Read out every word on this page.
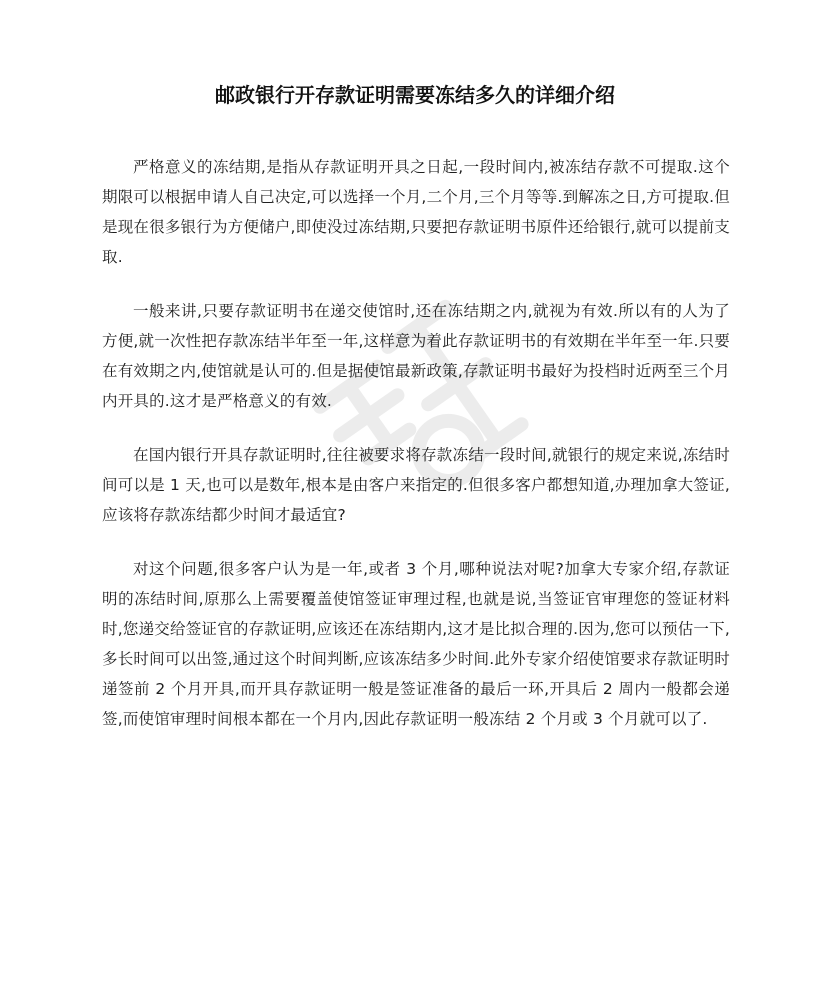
邮政银行开存款证明需要冻结多久的详细介绍

严格意义的冻结期,是指从存款证明开具之日起,一段时间内,被冻结存款不可提取.这个期限可以根据申请人自己决定,可以选择一个月,二个月,三个月等等.到解冻之日,方可提取.但是现在很多银行为方便储户,即使没过冻结期,只要把存款证明书原件还给银行,就可以提前支取.

一般来讲,只要存款证明书在递交使馆时,还在冻结期之内,就视为有效.所以有的人为了方便,就一次性把存款冻结半年至一年,这样意为着此存款证明书的有效期在半年至一年.只要在有效期之内,使馆就是认可的.但是据使馆最新政策,存款证明书最好为投档时近两至三个月内开具的.这才是严格意义的有效.

在国内银行开具存款证明时,往往被要求将存款冻结一段时间,就银行的规定来说,冻结时间可以是 1 天,也可以是数年,根本是由客户来指定的.但很多客户都想知道,办理加拿大签证,应该将存款冻结都少时间才最适宜?

对这个问题,很多客户认为是一年,或者 3 个月,哪种说法对呢?加拿大专家介绍,存款证明的冻结时间,原那么上需要覆盖使馆签证审理过程,也就是说,当签证官审理您的签证材料时,您递交给签证官的存款证明,应该还在冻结期内,这才是比拟合理的.因为,您可以预估一下,多长时间可以出签,通过这个时间判断,应该冻结多少时间.此外专家介绍使馆要求存款证明时递签前 2 个月开具,而开具存款证明一般是签证准备的最后一环,开具后 2 周内一般都会递签,而使馆审理时间根本都在一个月内,因此存款证明一般冻结 2 个月或 3 个月就可以了.
